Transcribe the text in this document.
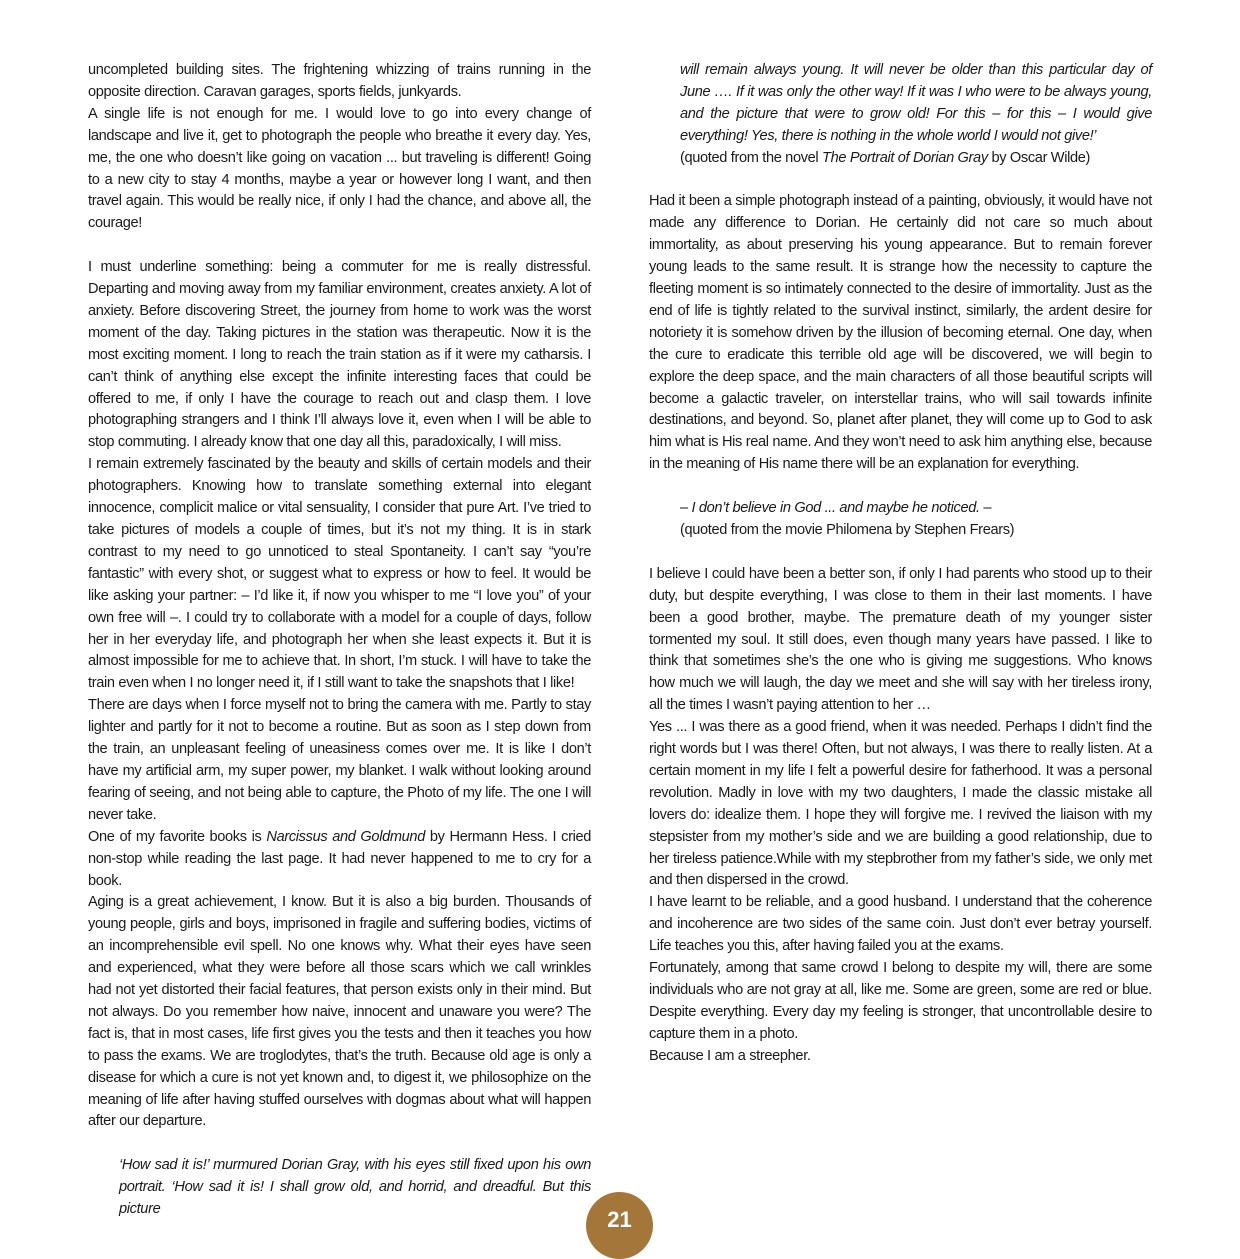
uncompleted building sites. The frightening whizzing of trains running in the opposite direction. Caravan garages, sports fields, junkyards.

A single life is not enough for me. I would love to go into every change of landscape and live it, get to photograph the people who breathe it every day. Yes, me, the one who doesn’t like going on vacation ... but traveling is different! Going to a new city to stay 4 months, maybe a year or however long I want, and then travel again. This would be really nice, if only I had the chance, and above all, the courage!

I must underline something: being a commuter for me is really distressful. Departing and moving away from my familiar environment, creates anxiety. A lot of anxiety. Before discovering Street, the journey from home to work was the worst moment of the day. Taking pictures in the station was therapeutic. Now it is the most exciting moment. I long to reach the train station as if it were my catharsis. I can’t think of anything else except the infinite interesting faces that could be offered to me, if only I have the courage to reach out and clasp them. I love photographing strangers and I think I’ll always love it, even when I will be able to stop commuting. I already know that one day all this, paradoxically, I will miss.

I remain extremely fascinated by the beauty and skills of certain models and their photographers. Knowing how to translate something external into elegant innocence, complicit malice or vital sensuality, I consider that pure Art. I’ve tried to take pictures of models a couple of times, but it’s not my thing. It is in stark contrast to my need to go unnoticed to steal Spontaneity. I can’t say “you’re fantastic” with every shot, or suggest what to express or how to feel. It would be like asking your partner: – I’d like it, if now you whisper to me “I love you” of your own free will –. I could try to collaborate with a model for a couple of days, follow her in her everyday life, and photograph her when she least expects it. But it is almost impossible for me to achieve that. In short, I’m stuck. I will have to take the train even when I no longer need it, if I still want to take the snapshots that I like!

There are days when I force myself not to bring the camera with me. Partly to stay lighter and partly for it not to become a routine. But as soon as I step down from the train, an unpleasant feeling of uneasiness comes over me. It is like I don’t have my artificial arm, my super power, my blanket. I walk without looking around fearing of seeing, and not being able to capture, the Photo of my life. The one I will never take.

One of my favorite books is Narcissus and Goldmund by Hermann Hess. I cried non-stop while reading the last page. It had never happened to me to cry for a book.

Aging is a great achievement, I know. But it is also a big burden. Thousands of young people, girls and boys, imprisoned in fragile and suffering bodies, victims of an incomprehensible evil spell. No one knows why. What their eyes have seen and experienced, what they were before all those scars which we call wrinkles had not yet distorted their facial features, that person exists only in their mind. But not always. Do you remember how naive, innocent and unaware you were? The fact is, that in most cases, life first gives you the tests and then it teaches you how to pass the exams. We are troglodytes, that’s the truth. Because old age is only a disease for which a cure is not yet known and, to digest it, we philosophize on the meaning of life after having stuffed ourselves with dogmas about what will happen after our departure.

‘How sad it is!’ murmured Dorian Gray, with his eyes still fixed upon his own portrait. ‘How sad it is! I shall grow old, and horrid, and dreadful. But this picture

will remain always young. It will never be older than this particular day of June …. If it was only the other way! If it was I who were to be always young, and the picture that were to grow old! For this – for this – I would give everything! Yes, there is nothing in the whole world I would not give!’

(quoted from the novel The Portrait of Dorian Gray by Oscar Wilde)

Had it been a simple photograph instead of a painting, obviously, it would have not made any difference to Dorian. He certainly did not care so much about immortality, as about preserving his young appearance. But to remain forever young leads to the same result. It is strange how the necessity to capture the fleeting moment is so intimately connected to the desire of immortality. Just as the end of life is tightly related to the survival instinct, similarly, the ardent desire for notoriety it is somehow driven by the illusion of becoming eternal. One day, when the cure to eradicate this terrible old age will be discovered, we will begin to explore the deep space, and the main characters of all those beautiful scripts will become a galactic traveler, on interstellar trains, who will sail towards infinite destinations, and beyond. So, planet after planet, they will come up to God to ask him what is His real name. And they won’t need to ask him anything else, because in the meaning of His name there will be an explanation for everything.

– I don’t believe in God ... and maybe he noticed. –

(quoted from the movie Philomena by Stephen Frears)

I believe I could have been a better son, if only I had parents who stood up to their duty, but despite everything, I was close to them in their last moments. I have been a good brother, maybe. The premature death of my younger sister tormented my soul. It still does, even though many years have passed. I like to think that sometimes she’s the one who is giving me suggestions. Who knows how much we will laugh, the day we meet and she will say with her tireless irony, all the times I wasn’t paying attention to her …

Yes ... I was there as a good friend, when it was needed. Perhaps I didn’t find the right words but I was there! Often, but not always, I was there to really listen. At a certain moment in my life I felt a powerful desire for fatherhood. It was a personal revolution. Madly in love with my two daughters, I made the classic mistake all lovers do: idealize them. I hope they will forgive me. I revived the liaison with my stepsister from my mother’s side and we are building a good relationship, due to her tireless patience.While with my stepbrother from my father’s side, we only met and then dispersed in the crowd.

I have learnt to be reliable, and a good husband. I understand that the coherence and incoherence are two sides of the same coin. Just don’t ever betray yourself. Life teaches you this, after having failed you at the exams.

Fortunately, among that same crowd I belong to despite my will, there are some individuals who are not gray at all, like me. Some are green, some are red or blue. Despite everything. Every day my feeling is stronger, that uncontrollable desire to capture them in a photo.

Because I am a streepher.

21
